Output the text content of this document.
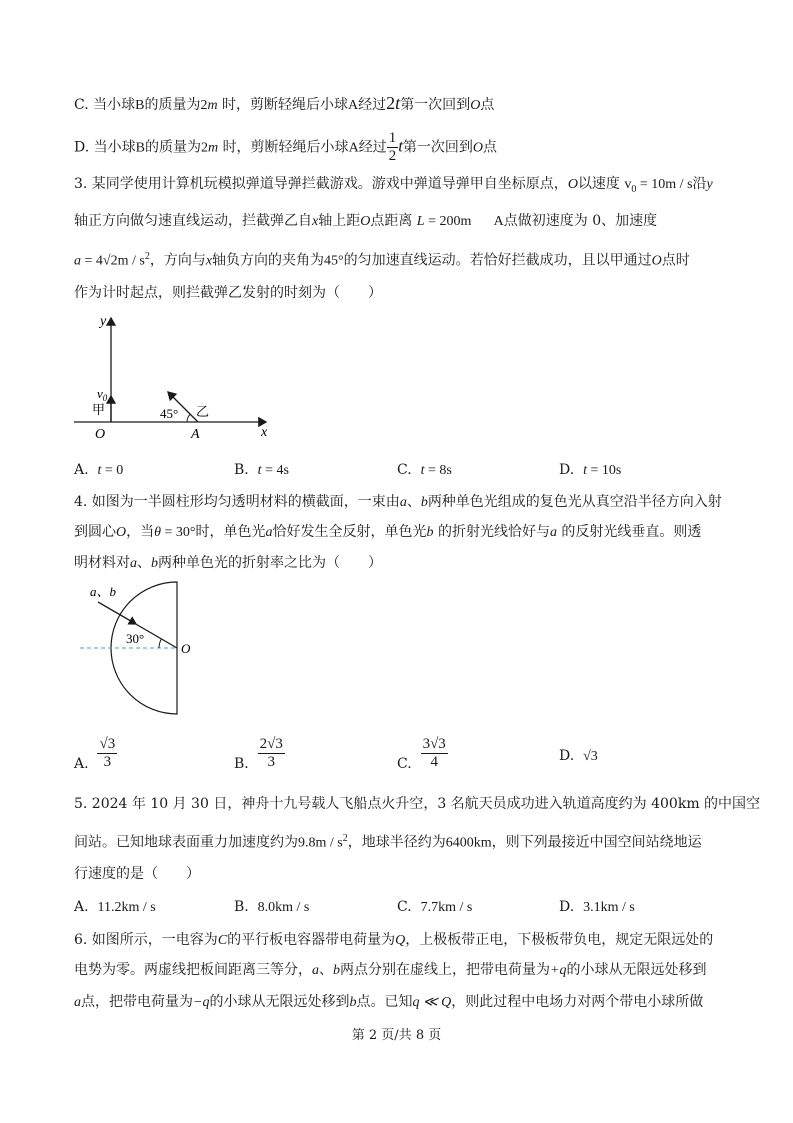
C. 当小球B的质量为2m 时，剪断轻绳后小球A经过2t第一次回到O点
D. 当小球B的质量为2m 时，剪断轻绳后小球A经过 $\frac{1}{2}$ t第一次回到O点
3. 某同学使用计算机玩模拟弹道导弹拦截游戏。游戏中弹道导弹甲自坐标原点，O以速度 $v_0 = 10m / s$沿y
轴正方向做匀速直线运动，拦截弹乙自x轴上距O点距离 L = 200m A点做初速度为 0、加速度
$a = 4√2m / s^2$，方向与x轴负方向的夹角为45°的匀加速直线运动。若恰好拦截成功，且以甲通过O点时
作为计时起点，则拦截弹乙发射的时刻为（　　）
y
x
$v_0$
甲
O	A
45° 乙
A. t = 0	B. t = 4s	C. t = 8s	D. t = 10s
4. 如图为一半圆柱形均匀透明材料的横截面，一束由a、b两种单色光组成的复色光从真空沿半径方向入射
到圆心O，当θ = 30°时，单色光a恰好发生全反射，单色光b 的折射光线恰好与a 的反射光线垂直。则透
明材料对a、b两种单色光的折射率之比为（　　）
a、b
30°
O
A. $\frac{√3}{3}$	B. $\frac{2√3}{3}$	C. $\frac{3√3}{4}$	D. √3
5. 2024 年 10 月 30 日，神舟十九号载人飞船点火升空，3 名航天员成功进入轨道高度约为 400km 的中国空
间站。已知地球表面重力加速度约为$9.8m / s^2$，地球半径约为6400km，则下列最接近中国空间站绕地运
行速度的是（　　）
A. 11.2km / s	B. 8.0km / s	C. 7.7km / s	D. 3.1km / s
6. 如图所示，一电容为C的平行板电容器带电荷量为Q，上极板带正电，下极板带负电，规定无限远处的
电势为零。两虚线把板间距离三等分，a、b两点分别在虚线上，把带电荷量为+q的小球从无限远处移到
a点，把带电荷量为−q的小球从无限远处移到b点。已知q ≪ Q，则此过程中电场力对两个带电小球所做
第 2 页/共 8 页
